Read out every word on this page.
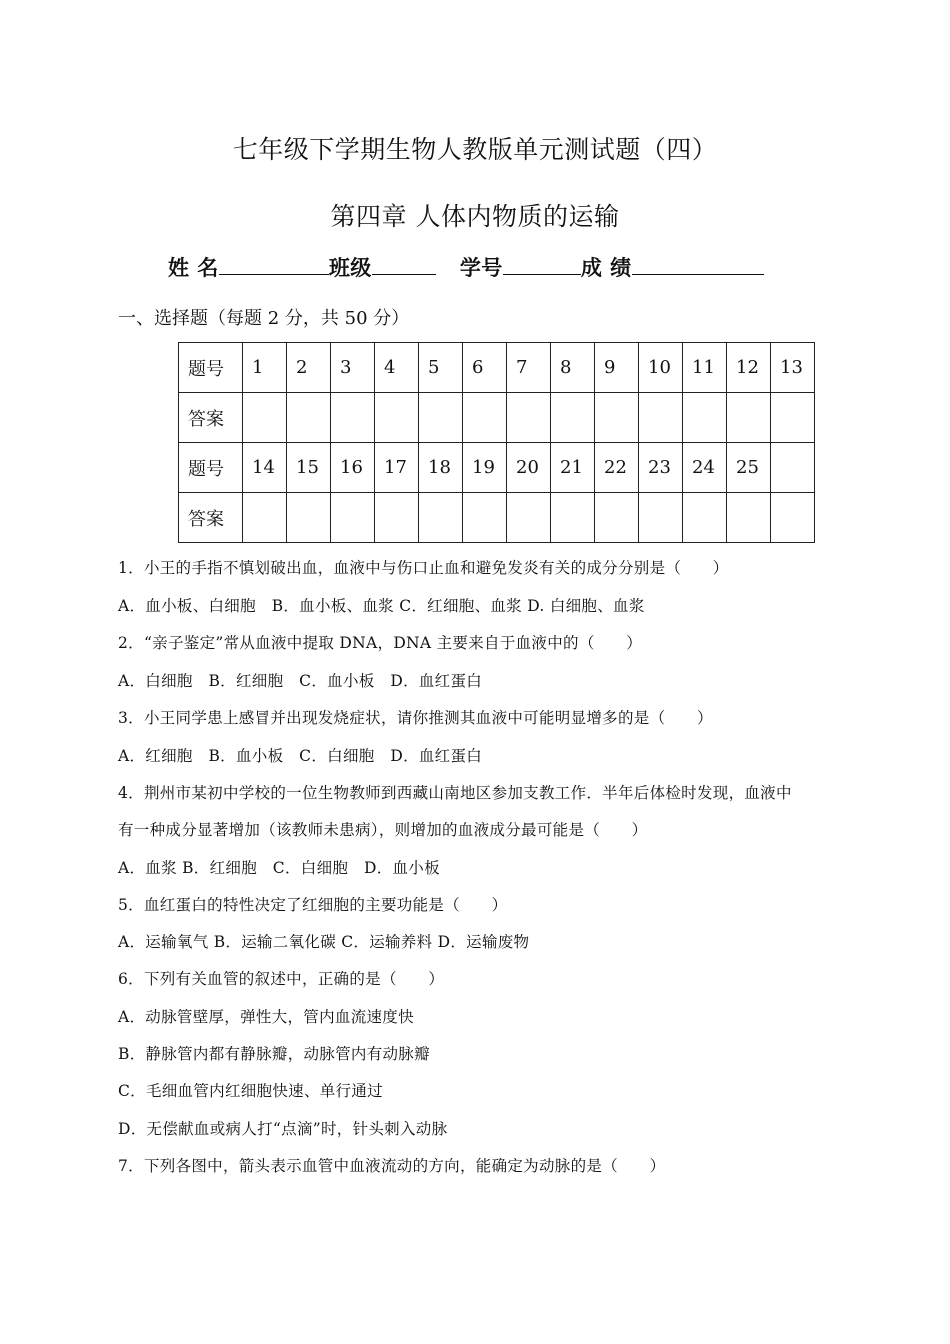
七年级下学期生物人教版单元测试题（四）
第四章 人体内物质的运输
姓 名	班级	学号	成 绩
一、选择题（每题 2 分，共 50 分）
题号	1	2	3	4	5	6	7	8	9	10	11	12	13
答案													
题号	14	15	16	17	18	19	20	21	22	23	24	25	
答案													
1．小王的手指不慎划破出血，血液中与伤口止血和避免发炎有关的成分分别是（　　）
A．血小板、白细胞　B．血小板、血浆 C．红细胞、血浆 D. 白细胞、血浆
2．“亲子鉴定”常从血液中提取 DNA，DNA 主要来自于血液中的（　　）
A．白细胞　B．红细胞　C．血小板　D．血红蛋白
3．小王同学患上感冒并出现发烧症状，请你推测其血液中可能明显增多的是（　　）
A．红细胞　B．血小板　C．白细胞　D．血红蛋白
4．荆州市某初中学校的一位生物教师到西藏山南地区参加支教工作．半年后体检时发现，血液中
有一种成分显著增加（该教师未患病），则增加的血液成分最可能是（　　）
A．血浆 B．红细胞　C．白细胞　D．血小板
5．血红蛋白的特性决定了红细胞的主要功能是（　　）
A．运输氧气 B．运输二氧化碳 C．运输养料 D．运输废物
6．下列有关血管的叙述中，正确的是（　　）
A．动脉管壁厚，弹性大，管内血流速度快
B．静脉管内都有静脉瓣，动脉管内有动脉瓣
C．毛细血管内红细胞快速、单行通过
D．无偿献血或病人打“点滴”时，针头刺入动脉
7．下列各图中，箭头表示血管中血液流动的方向，能确定为动脉的是（　　）
